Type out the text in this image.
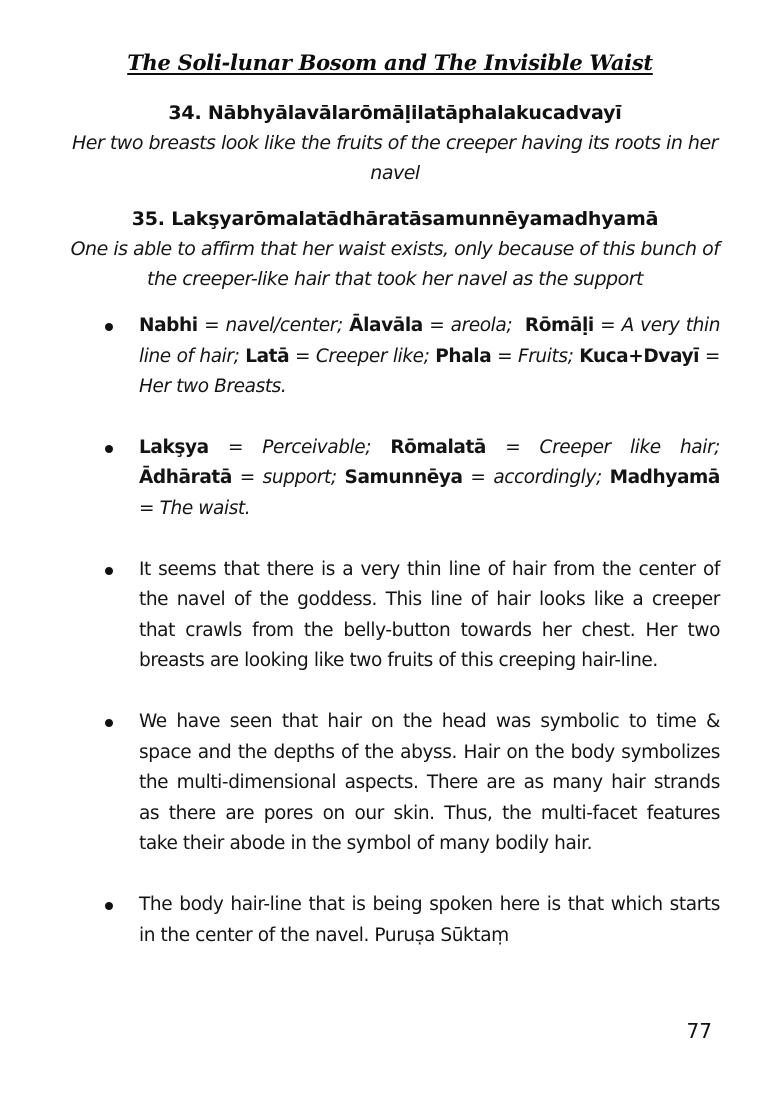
The Soli-lunar Bosom and The Invisible Waist
34. Nābhyālavālarōmāḷilatāphalakucadvayī
Her two breasts look like the fruits of the creeper having its roots in her navel
35. Lakşyarōmalatādhāratāsamunnēyamadhyamā
One is able to affirm that her waist exists, only because of this bunch of the creeper-like hair that took her navel as the support
Nabhi = navel/center; Ālavāla = areola; Rōmāḷi = A very thin line of hair; Latā = Creeper like; Phala = Fruits; Kuca+Dvayī = Her two Breasts.
Lakşya = Perceivable; Rōmalatā = Creeper like hair; Ādhāratā = support; Samunnēya = accordingly; Madhyamā = The waist.
It seems that there is a very thin line of hair from the center of the navel of the goddess. This line of hair looks like a creeper that crawls from the belly-button towards her chest. Her two breasts are looking like two fruits of this creeping hair-line.
We have seen that hair on the head was symbolic to time & space and the depths of the abyss. Hair on the body symbolizes the multi-dimensional aspects. There are as many hair strands as there are pores on our skin. Thus, the multi-facet features take their abode in the symbol of many bodily hair.
The body hair-line that is being spoken here is that which starts in the center of the navel. Puruṣa Sūktaṃ
77
